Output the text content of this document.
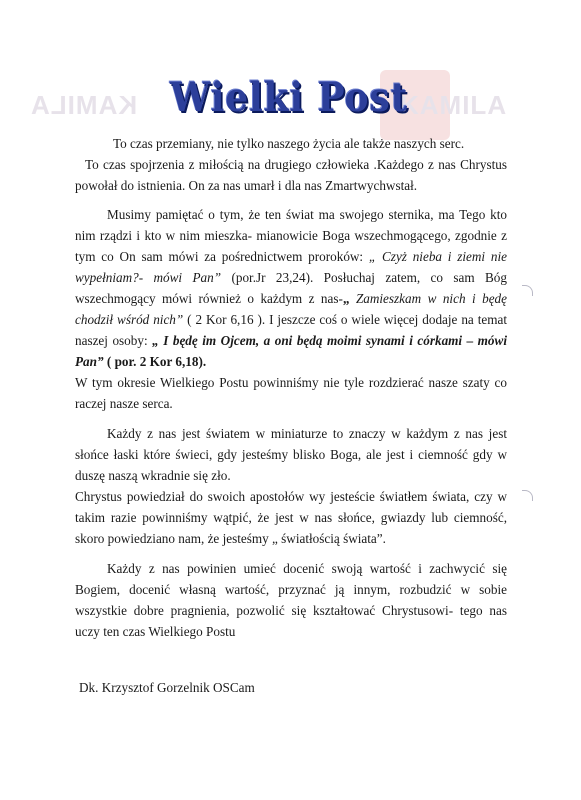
KAMILA	KAMILA
Wielki Post

To czas przemiany, nie tylko naszego życia ale także naszych serc.

To czas spojrzenia z miłością na drugiego człowieka .Każdego z nas Chrystus powołał do istnienia. On za nas umarł i dla nas Zmartwychwstał.

Musimy pamiętać o tym, że ten świat ma swojego sternika, ma Tego kto nim rządzi i kto w nim mieszka- mianowicie Boga wszechmogącego, zgodnie z tym co On sam mówi za pośrednictwem proroków: „ Czyż nieba i ziemi nie wypełniam?- mówi Pan” (por.Jr 23,24). Posłuchaj zatem, co sam Bóg wszechmogący mówi również o każdym z nas-„ Zamieszkam w nich i będę chodził wśród nich” ( 2 Kor 6,16 ). I jeszcze coś o wiele więcej dodaje na temat naszej osoby: „ I będę im Ojcem, a oni będą moimi synami i córkami – mówi Pan” ( por. 2 Kor 6,18).

W tym okresie Wielkiego Postu powinniśmy nie tyle rozdzierać nasze szaty co raczej nasze serca.

Każdy z nas jest światem w miniaturze to znaczy w każdym z nas jest słońce łaski które świeci, gdy jesteśmy blisko Boga, ale jest i ciemność gdy w duszę naszą wkradnie się zło.

Chrystus powiedział do swoich apostołów wy jesteście światłem świata, czy w takim razie powinniśmy wątpić, że jest w nas słońce, gwiazdy lub ciemność, skoro powiedziano nam, że jesteśmy „ światłością świata”.

Każdy z nas powinien umieć docenić swoją wartość i zachwycić się Bogiem, docenić własną wartość, przyznać ją innym, rozbudzić w sobie wszystkie dobre pragnienia, pozwolić się kształtować Chrystusowi- tego nas uczy ten czas Wielkiego Postu

Dk. Krzysztof Gorzelnik OSCam
